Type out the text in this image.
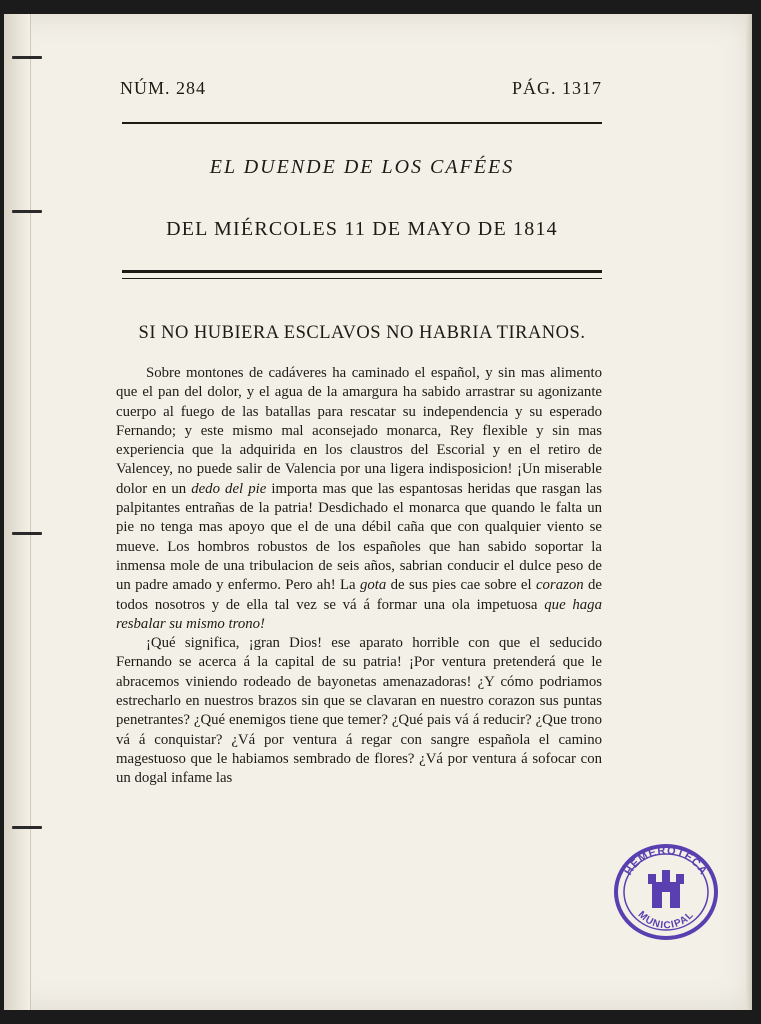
NÚM. 284	PÁG. 1317
EL DUENDE DE LOS CAFÉES
DEL MIÉRCOLES 11 DE MAYO DE 1814
SI NO HUBIERA ESCLAVOS NO HABRIA TIRANOS.

Sobre montones de cadáveres ha caminado el español, y sin mas alimento que el pan del dolor, y el agua de la amargura ha sabido arrastrar su agonizante cuerpo al fuego de las batallas para rescatar su independencia y su esperado Fernando; y este mismo mal aconsejado monarca, Rey flexible y sin mas experiencia que la adquirida en los claustros del Escorial y en el retiro de Valencey, no puede salir de Valencia por una ligera indisposicion! ¡Un miserable dolor en un dedo del pie importa mas que las espantosas heridas que rasgan las palpitantes entrañas de la patria! Desdichado el monarca que quando le falta un pie no tenga mas apoyo que el de una débil caña que con qualquier viento se mueve. Los hombros robustos de los españoles que han sabido soportar la inmensa mole de una tribulacion de seis años, sabrian conducir el dulce peso de un padre amado y enfermo. Pero ah! La gota de sus pies cae sobre el corazon de todos nosotros y de ella tal vez se vá á formar una ola impetuosa que haga resbalar su mismo trono!

¡Qué significa, ¡gran Dios! ese aparato horrible con que el seducido Fernando se acerca á la capital de su patria! ¡Por ventura pretenderá que le abracemos viniendo rodeado de bayonetas amenazadoras! ¿Y cómo podriamos estrecharlo en nuestros brazos sin que se clavaran en nuestro corazon sus puntas penetrantes? ¿Qué enemigos tiene que temer? ¿Qué pais vá á reducir? ¿Que trono vá á conquistar? ¿Vá por ventura á regar con sangre española el camino magestuoso que le habiamos sembrado de flores? ¿Vá por ventura á sofocar con un dogal infame las

HEMEROTECA
MUNICIPAL
